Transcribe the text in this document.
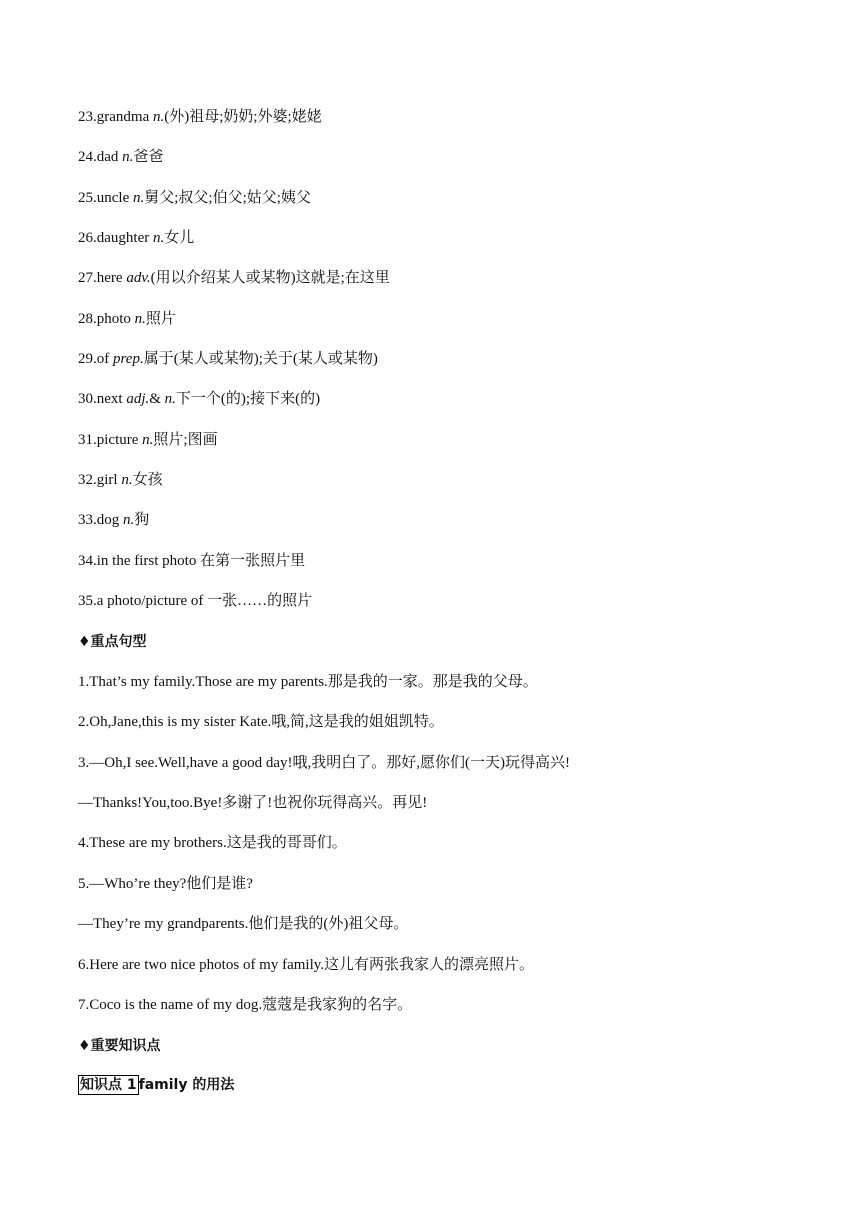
23.grandma n.(外)祖母;奶奶;外婆;姥姥
24.dad n.爸爸
25.uncle n.舅父;叔父;伯父;姑父;姨父
26.daughter n.女儿
27.here adv.(用以介绍某人或某物)这就是;在这里
28.photo n.照片
29.of prep.属于(某人或某物);关于(某人或某物)
30.next adj.& n.下一个(的);接下来(的)
31.picture n.照片;图画
32.girl n.女孩
33.dog n.狗
34.in the first photo 在第一张照片里
35.a photo/picture of 一张……的照片
♦重点句型
1.That’s my family.Those are my parents.那是我的一家。那是我的父母。
2.Oh,Jane,this is my sister Kate.哦,简,这是我的姐姐凯特。
3.—Oh,I see.Well,have a good day!哦,我明白了。那好,愿你们(一天)玩得高兴!
—Thanks!You,too.Bye!多谢了!也祝你玩得高兴。再见!
4.These are my brothers.这是我的哥哥们。
5.—Who’re they?他们是谁?
—They’re my grandparents.他们是我的(外)祖父母。
6.Here are two nice photos of my family.这儿有两张我家人的漂亮照片。
7.Coco is the name of my dog.蔻蔻是我家狗的名字。
♦重要知识点
知识点 1 family 的用法
